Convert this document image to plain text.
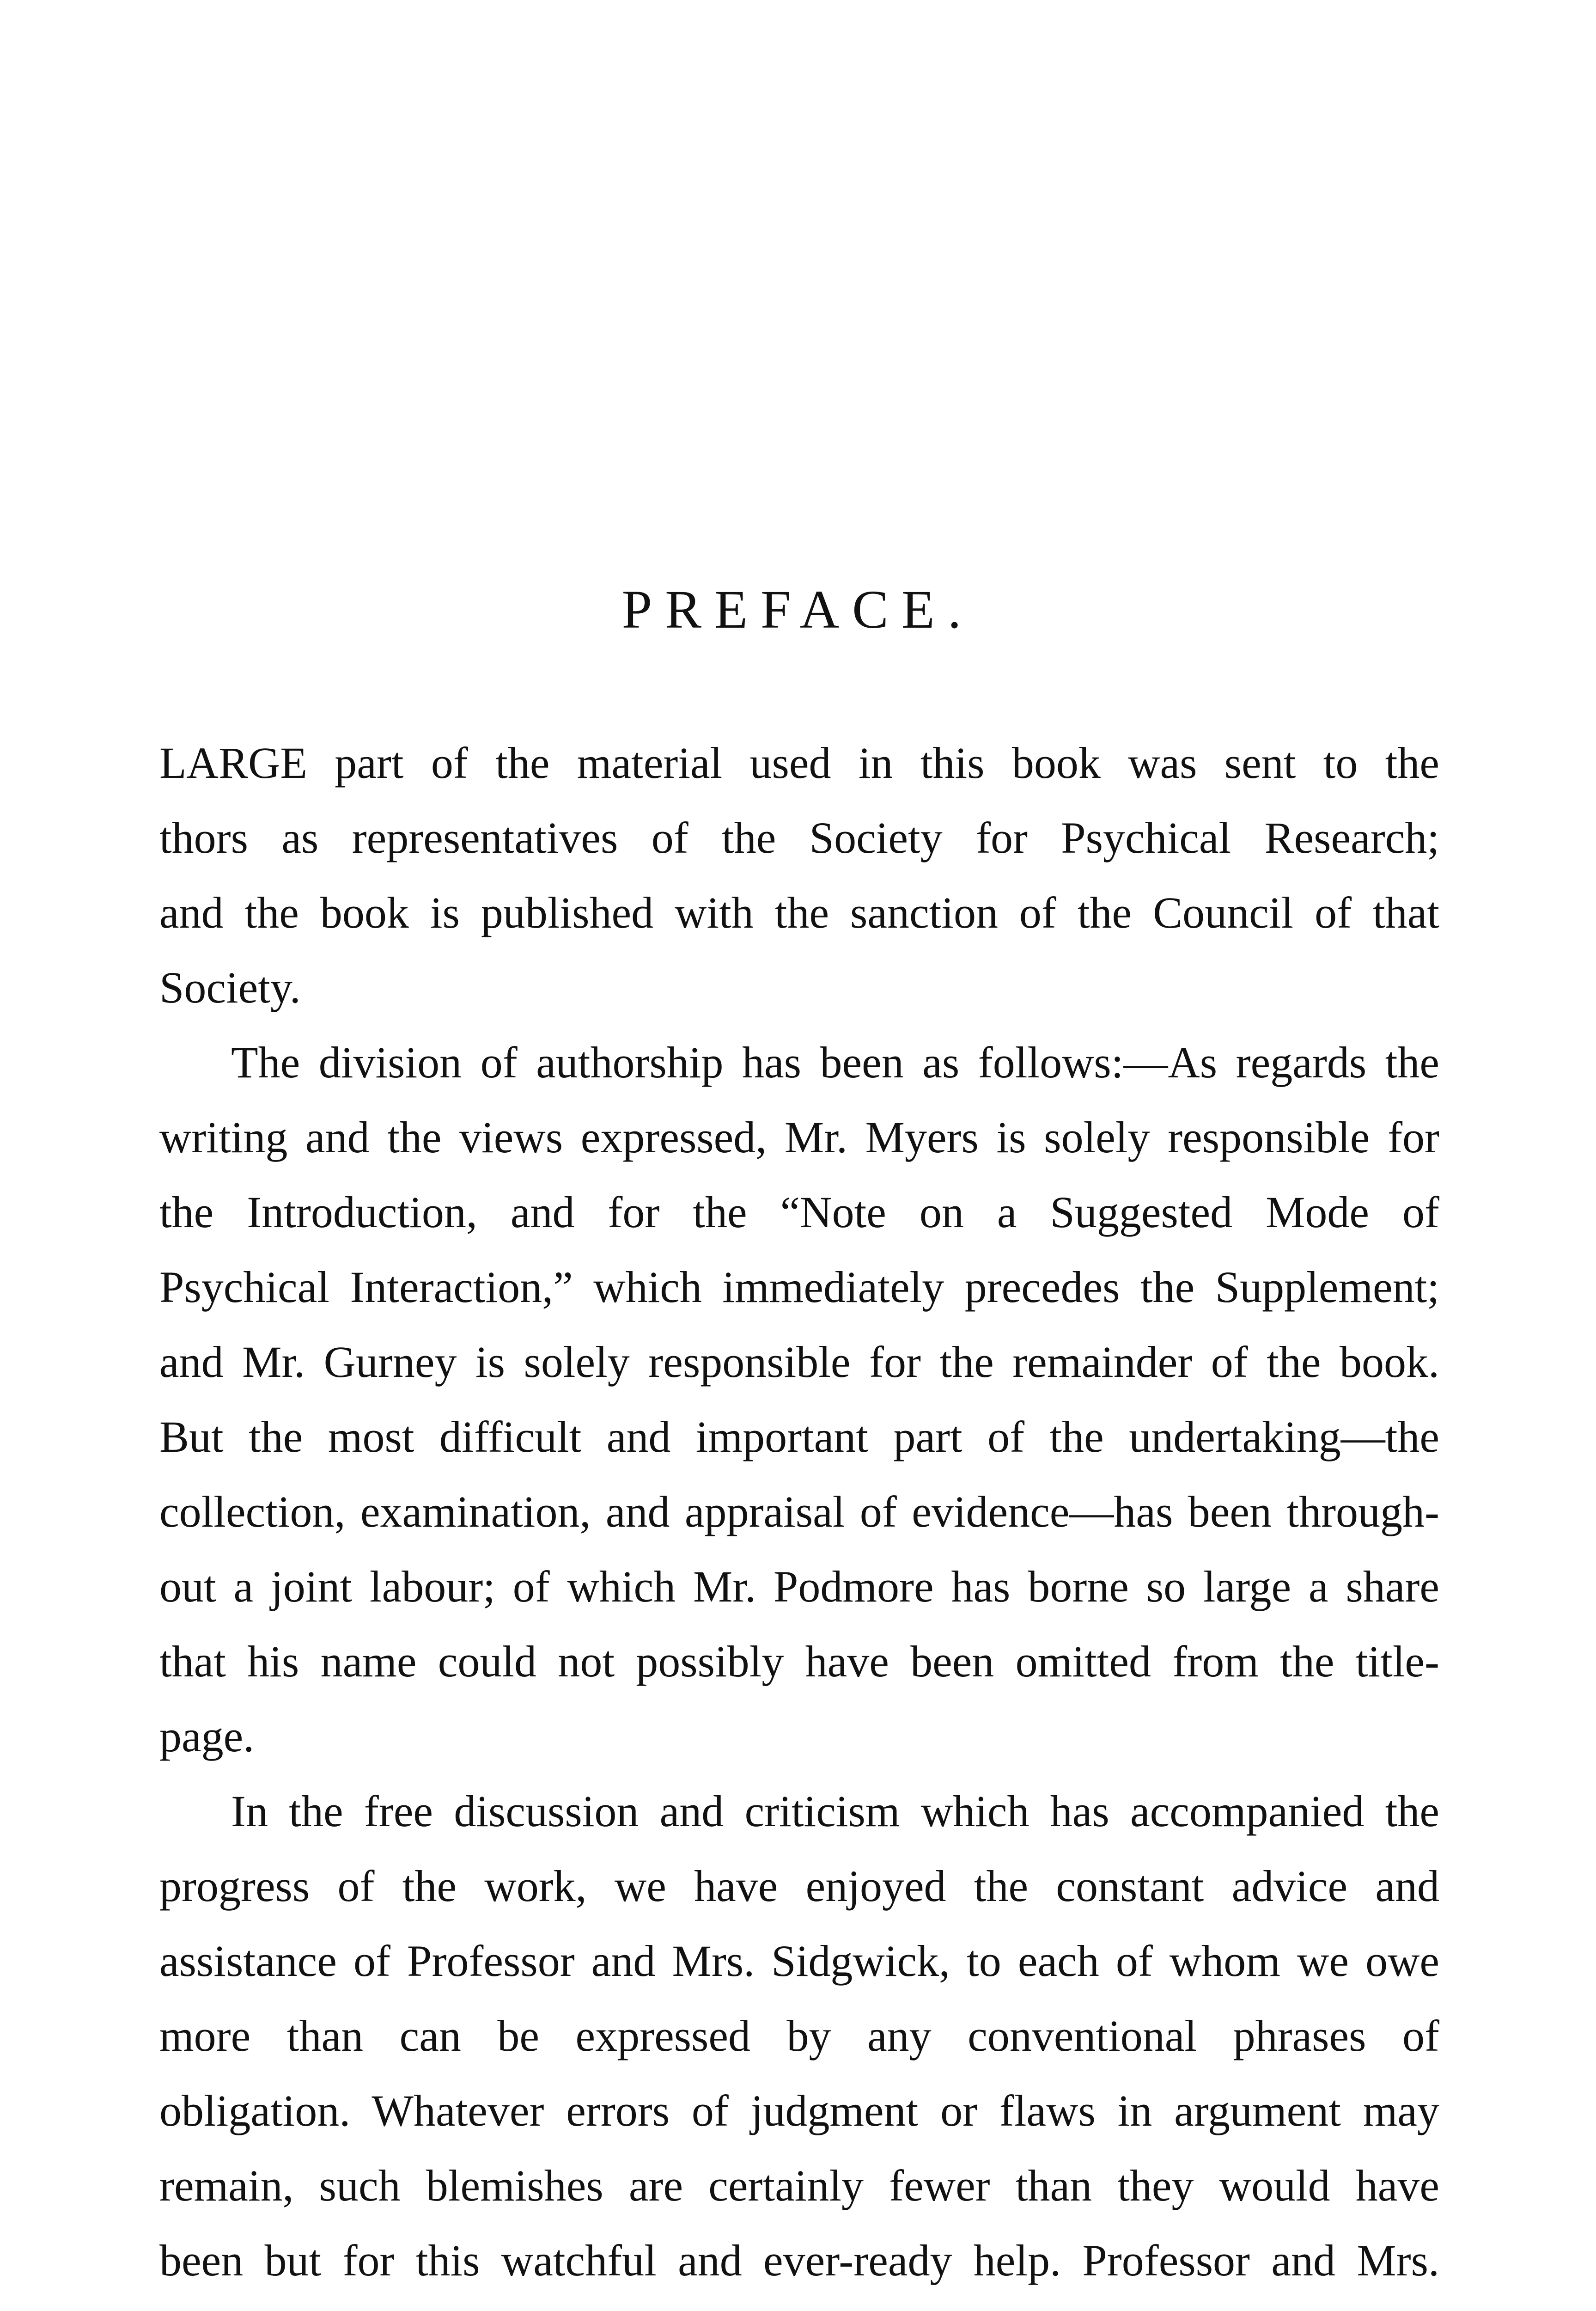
PREFACE.
LARGE part of the material used in this book was sent to the
thors as representatives of the Society for Psychical Research;
and the book is published with the sanction of the Council of that
Society.
The division of authorship has been as follows:—As regards the
writing and the views expressed, Mr. Myers is solely responsible for
the Introduction, and for the “Note on a Suggested Mode of
Psychical Interaction,” which immediately precedes the Supplement;
and Mr. Gurney is solely responsible for the remainder of the book.
But the most difficult and important part of the undertaking—the
collection, examination, and appraisal of evidence—has been through-
out a joint labour; of which Mr. Podmore has borne so large a share
that his name could not possibly have been omitted from the title-
page.
In the free discussion and criticism which has accompanied the
progress of the work, we have enjoyed the constant advice and
assistance of Professor and Mrs. Sidgwick, to each of whom we owe
more than can be expressed by any conventional phrases of
obligation. Whatever errors of judgment or flaws in argument may
remain, such blemishes are certainly fewer than they would have
been but for this watchful and ever-ready help. Professor and Mrs.
